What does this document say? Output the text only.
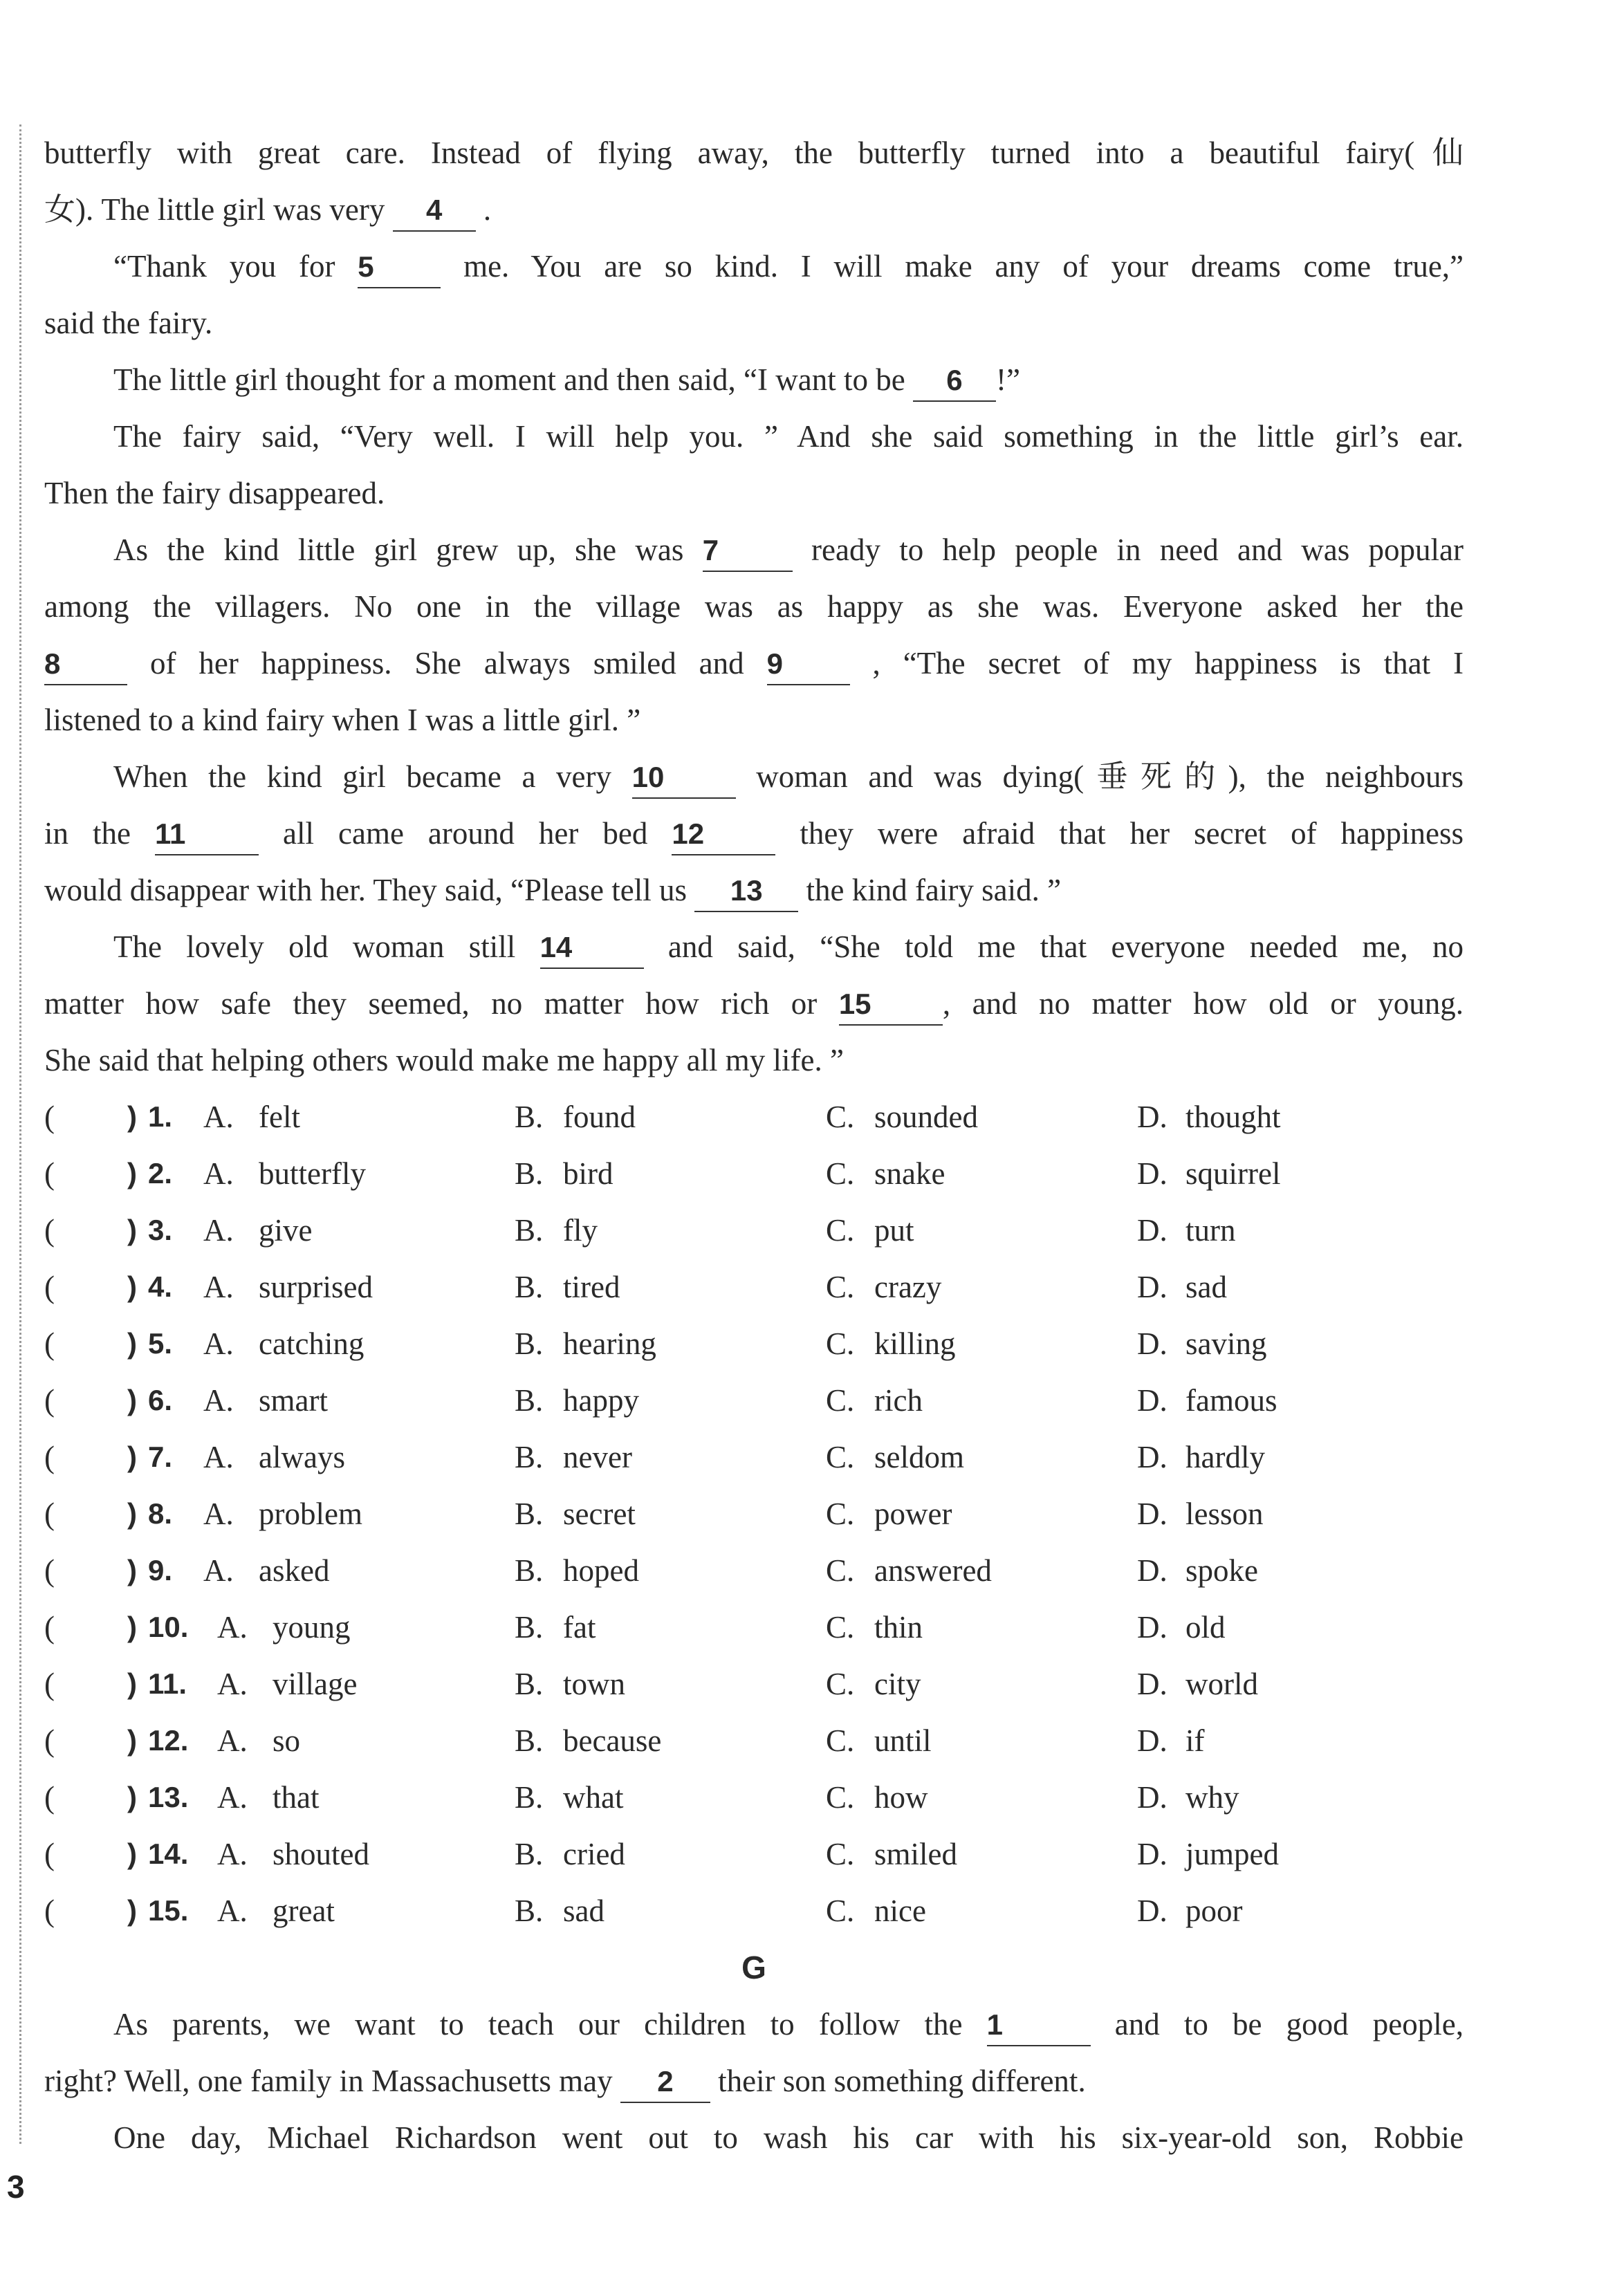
butterfly with great care. Instead of flying away, the butterfly turned into a beautiful fairy(仙
女). The little girl was very 4 .
“Thank you for 5	me. You are so kind. I will make any of your dreams come true,”
said the fairy.
The little girl thought for a moment and then said, “I want to be 6 !”
The fairy said, “Very well. I will help you. ” And she said something in the little girl’s ear.
Then the fairy disappeared.
As the kind little girl grew up, she was 7	ready to help people in need and was popular
among the villagers. No one in the village was as happy as she was. Everyone asked her the
8	of her happiness. She always smiled and 9	, “The secret of my happiness is that I
listened to a kind fairy when I was a little girl. ”
When the kind girl became a very 10	woman and was dying(垂死的), the neighbours
in the 11	all came around her bed 12	they were afraid that her secret of happiness
would disappear with her. They said, “Please tell us 13 the kind fairy said. ”
The lovely old woman still 14	and said, “She told me that everyone needed me, no
matter how safe they seemed, no matter how rich or 15 , and no matter how old or young.
She said that helping others would make me happy all my life. ”
(	) 1. A. felt	B. found	C. sounded	D. thought
(	) 2. A. butterfly	B. bird	C. snake	D. squirrel
(	) 3. A. give	B. fly	C. put	D. turn
(	) 4. A. surprised	B. tired	C. crazy	D. sad
(	) 5. A. catching	B. hearing	C. killing	D. saving
(	) 6. A. smart	B. happy	C. rich	D. famous
(	) 7. A. always	B. never	C. seldom	D. hardly
(	) 8. A. problem	B. secret	C. power	D. lesson
(	) 9. A. asked	B. hoped	C. answered	D. spoke
(	) 10. A. young	B. fat	C. thin	D. old
(	) 11. A. village	B. town	C. city	D. world
(	) 12. A. so	B. because	C. until	D. if
(	) 13. A. that	B. what	C. how	D. why
(	) 14. A. shouted	B. cried	C. smiled	D. jumped
(	) 15. A. great	B. sad	C. nice	D. poor
G
As parents, we want to teach our children to follow the 1	and to be good people,
right? Well, one family in Massachusetts may 2 their son something different.
One day, Michael Richardson went out to wash his car with his six-year-old son, Robbie
3
